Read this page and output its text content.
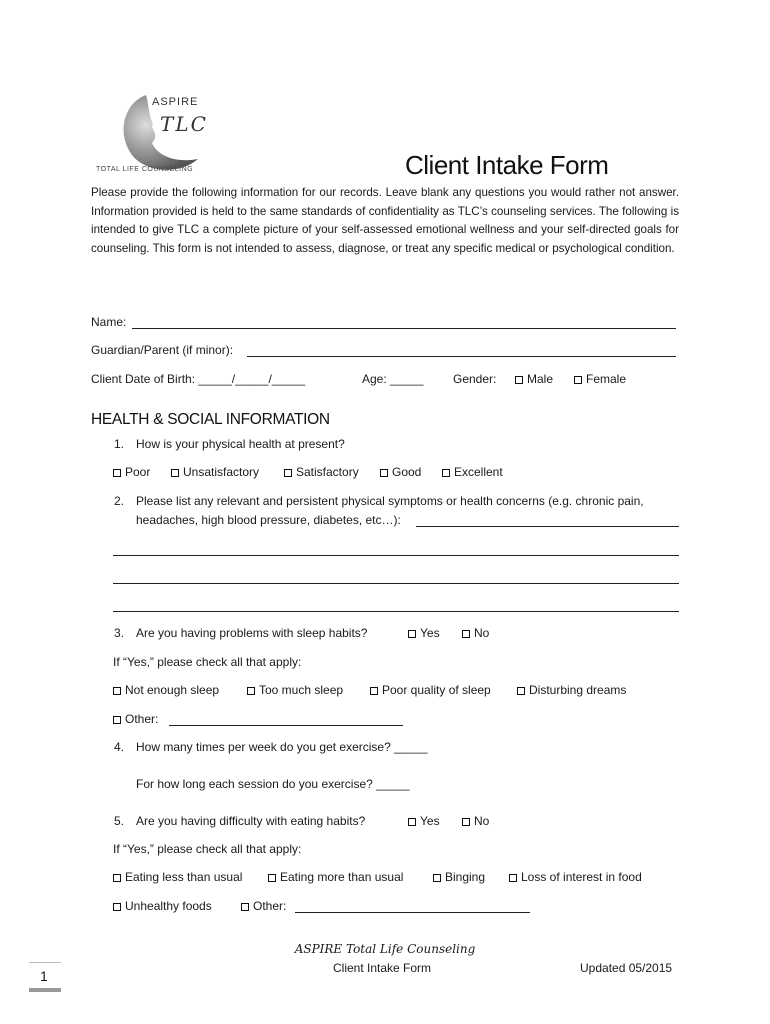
ASPIRE
TLC
TOTAL LIFE COUNSELING	Client Intake Form
Please provide the following information for our records. Leave blank any questions you would rather not answer. Information provided is held to the same standards of confidentiality as TLC’s counseling services. The following is intended to give TLC a complete picture of your self-assessed emotional wellness and your self-directed goals for counseling. This form is not intended to assess, diagnose, or treat any specific medical or psychological condition.
Name:
Guardian/Parent (if minor):
Client Date of Birth: _____/_____/_____	Age: _____ Gender:	Male	Female
HEALTH & SOCIAL INFORMATION
1. How is your physical health at present?
Poor	Unsatisfactory	Satisfactory	Good	Excellent
2. Please list any relevant and persistent physical symptoms or health concerns (e.g. chronic pain,
headaches, high blood pressure, diabetes, etc…):
3. Are you having problems with sleep habits?	Yes	No
If “Yes,” please check all that apply:
Not enough sleep	Too much sleep	Poor quality of sleep	Disturbing dreams
Other:
4. How many times per week do you get exercise? _____
For how long each session do you exercise? _____
5. Are you having difficulty with eating habits?	Yes	No
If “Yes,” please check all that apply:
Eating less than usual	Eating more than usual	Binging	Loss of interest in food
Unhealthy foods	Other:
ASPIRE Total Life Counseling
Client Intake Form	Updated 05/2015
1
